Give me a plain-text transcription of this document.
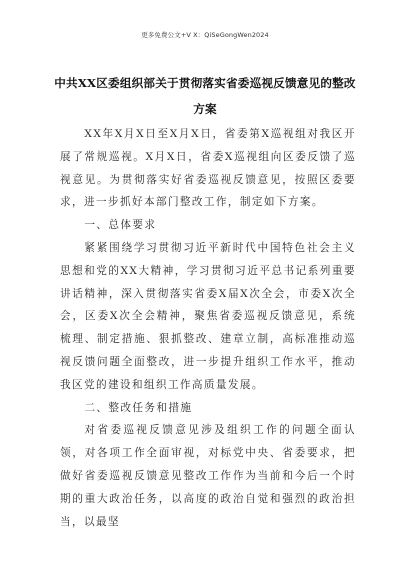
更多免费公文+V X：QiSeGongWen2024
中共XX区委组织部关于贯彻落实省委巡视反馈意见的整改
方案

XX年X月X日至X月X日，省委第X巡视组对我区开展了常规巡视。X月X日，省委X巡视组向区委反馈了巡视意见。为贯彻落实好省委巡视反馈意见，按照区委要求，进一步抓好本部门整改工作，制定如下方案。

一、总体要求

紧紧围绕学习贯彻习近平新时代中国特色社会主义思想和党的XX大精神，学习贯彻习近平总书记系列重要讲话精神，深入贯彻落实省委X届X次全会，市委X次全会，区委X次全会精神，聚焦省委巡视反馈意见，系统梳理、制定措施、狠抓整改、建章立制，高标准推动巡视反馈问题全面整改，进一步提升组织工作水平，推动我区党的建设和组织工作高质量发展。

二、整改任务和措施

对省委巡视反馈意见涉及组织工作的问题全面认领，对各项工作全面审视，对标党中央、省委要求，把做好省委巡视反馈意见整改工作作为当前和今后一个时期的重大政治任务，以高度的政治自觉和强烈的政治担当，以最坚
